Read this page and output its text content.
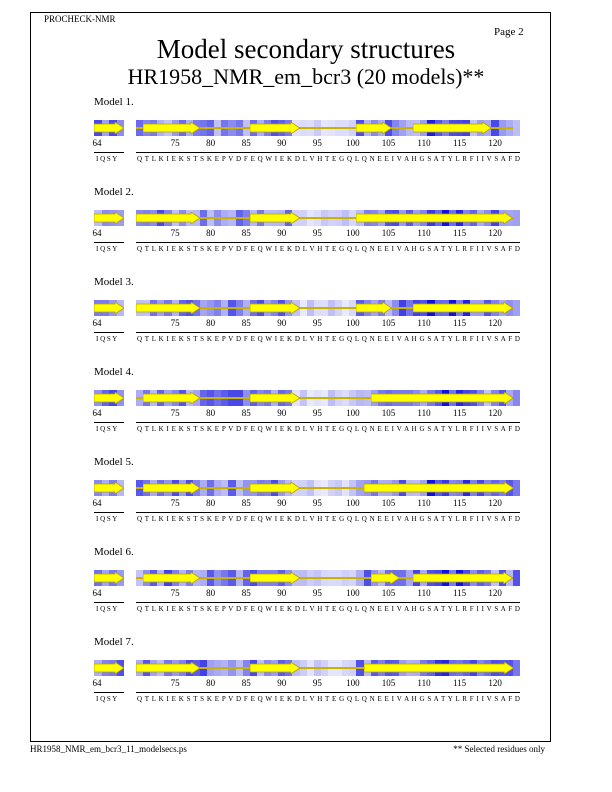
PROCHECK-NMR
Page 2
Model secondary structures
HR1958_NMR_em_bcr3 (20 models)**
Model 1.
64	75	80	85	90	95	100 105 110 115 120
I Q S Y	Q T L K I E K S T S K E P V D F E Q W I E K D L V H T E G Q L Q N E E I V A H G S A T Y L R F I I V S A F D
Model 2.
64	75	80	85	90	95	100 105 110 115 120
I Q S Y	Q T L K I E K S T S K E P V D F E Q W I E K D L V H T E G Q L Q N E E I V A H G S A T Y L R F I I V S A F D
Model 3.
64	75	80	85	90	95	100 105 110 115 120
I Q S Y	Q T L K I E K S T S K E P V D F E Q W I E K D L V H T E G Q L Q N E E I V A H G S A T Y L R F I I V S A F D
Model 4.
64	75	80	85	90	95	100 105 110 115 120
I Q S Y	Q T L K I E K S T S K E P V D F E Q W I E K D L V H T E G Q L Q N E E I V A H G S A T Y L R F I I V S A F D
Model 5.
64	75	80	85	90	95	100 105 110 115 120
I Q S Y	Q T L K I E K S T S K E P V D F E Q W I E K D L V H T E G Q L Q N E E I V A H G S A T Y L R F I I V S A F D
Model 6.
64	75	80	85	90	95	100 105 110 115 120
I Q S Y	Q T L K I E K S T S K E P V D F E Q W I E K D L V H T E G Q L Q N E E I V A H G S A T Y L R F I I V S A F D
Model 7.
64	75	80	85	90	95	100 105 110 115 120
I Q S Y	Q T L K I E K S T S K E P V D F E Q W I E K D L V H T E G Q L Q N E E I V A H G S A T Y L R F I I V S A F D
HR1958_NMR_em_bcr3_11_modelsecs.ps	** Selected residues only
